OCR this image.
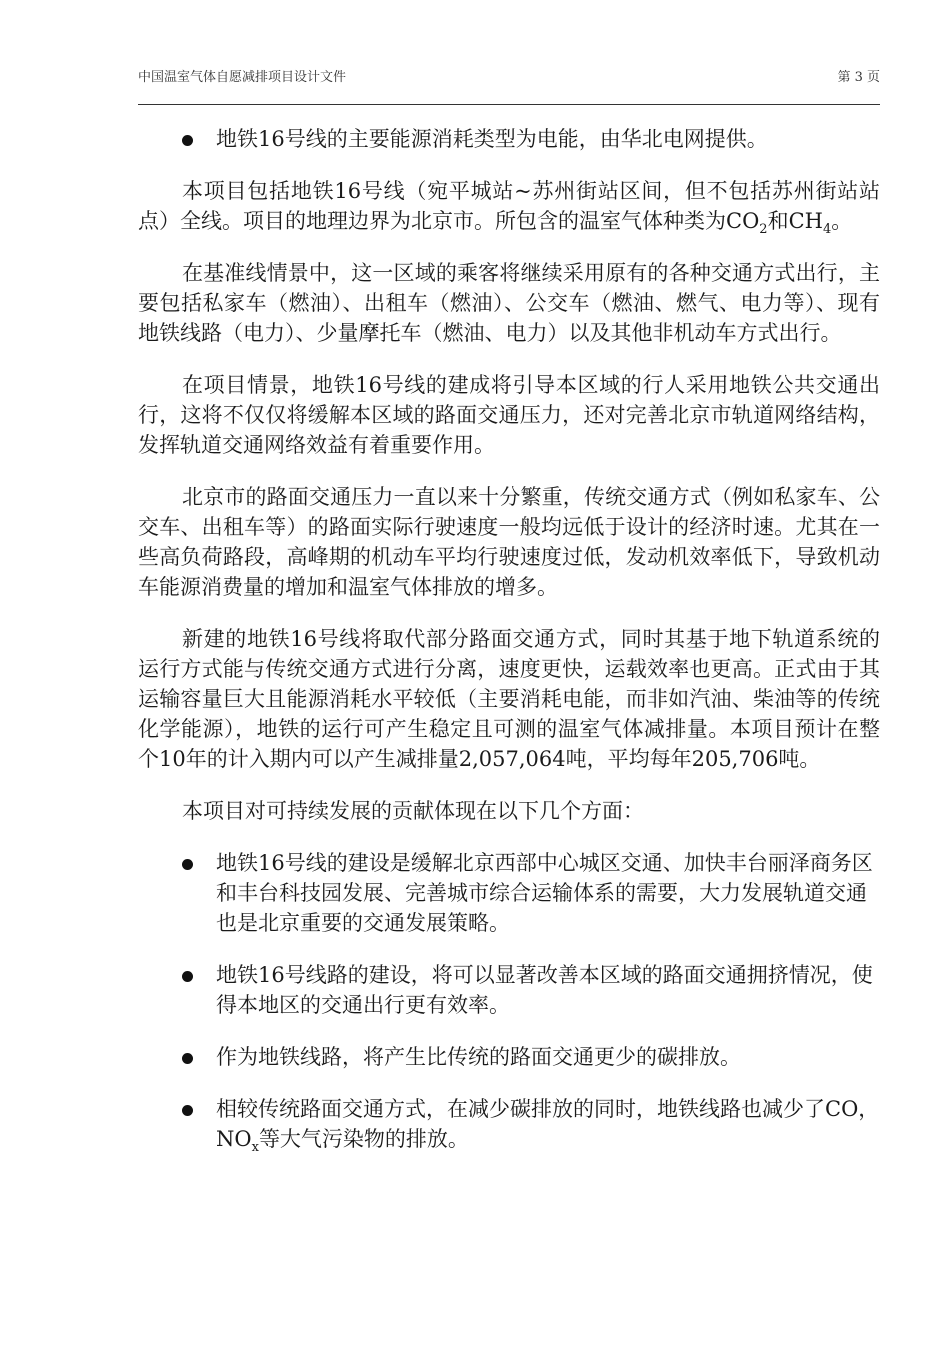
中国温室气体自愿减排项目设计文件	第 3 页
地铁16号线的主要能源消耗类型为电能，由华北电网提供。

本项目包括地铁16号线（宛平城站~苏州街站区间，但不包括苏州街站站点）全线。项目的地理边界为北京市。所包含的温室气体种类为$CO_2$和$CH_4$。

在基准线情景中，这一区域的乘客将继续采用原有的各种交通方式出行，主要包括私家车（燃油）、出租车（燃油）、公交车（燃油、燃气、电力等）、现有地铁线路（电力）、少量摩托车（燃油、电力）以及其他非机动车方式出行。

在项目情景，地铁16号线的建成将引导本区域的行人采用地铁公共交通出行，这将不仅仅将缓解本区域的路面交通压力，还对完善北京市轨道网络结构，发挥轨道交通网络效益有着重要作用。

北京市的路面交通压力一直以来十分繁重，传统交通方式（例如私家车、公交车、出租车等）的路面实际行驶速度一般均远低于设计的经济时速。尤其在一些高负荷路段，高峰期的机动车平均行驶速度过低，发动机效率低下，导致机动车能源消费量的增加和温室气体排放的增多。

新建的地铁16号线将取代部分路面交通方式，同时其基于地下轨道系统的运行方式能与传统交通方式进行分离，速度更快，运载效率也更高。正式由于其运输容量巨大且能源消耗水平较低（主要消耗电能，而非如汽油、柴油等的传统化学能源），地铁的运行可产生稳定且可测的温室气体减排量。本项目预计在整个10年的计入期内可以产生减排量2,057,064吨，平均每年205,706吨。

本项目对可持续发展的贡献体现在以下几个方面：

地铁16号线的建设是缓解北京西部中心城区交通、加快丰台丽泽商务区和丰台科技园发展、完善城市综合运输体系的需要，大力发展轨道交通也是北京重要的交通发展策略。
地铁16号线路的建设，将可以显著改善本区域的路面交通拥挤情况，使得本地区的交通出行更有效率。
作为地铁线路，将产生比传统的路面交通更少的碳排放。
相较传统路面交通方式，在减少碳排放的同时，地铁线路也减少了CO，$NO_x$等大气污染物的排放。
